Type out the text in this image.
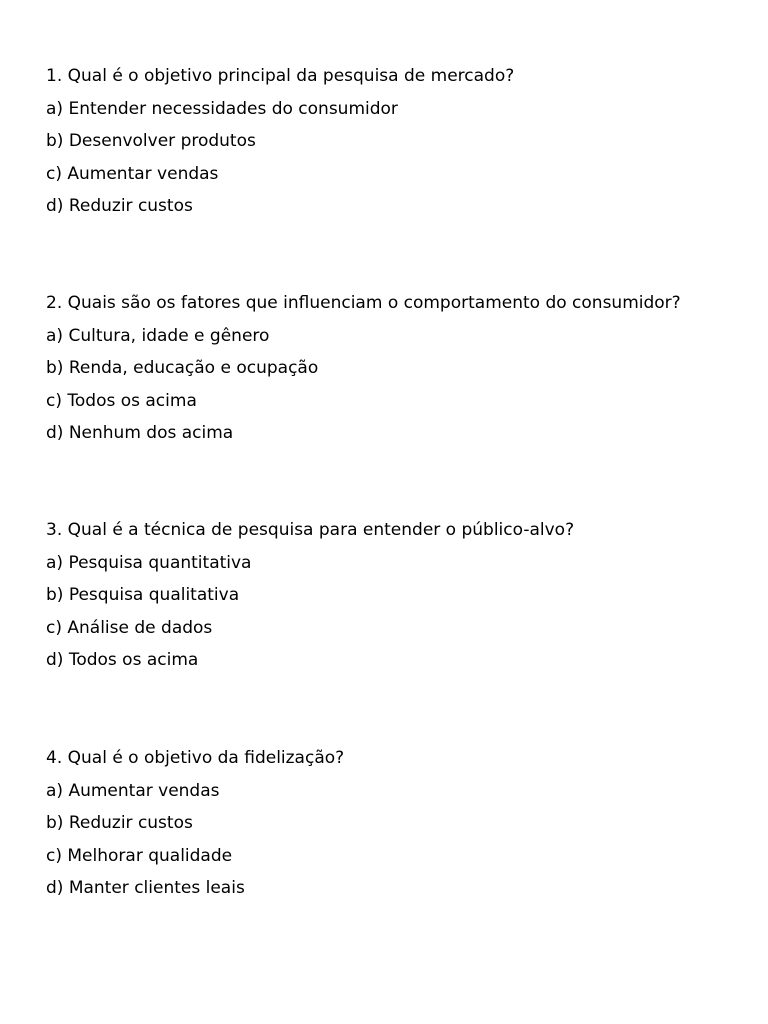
1. Qual é o objetivo principal da pesquisa de mercado?
a) Entender necessidades do consumidor
b) Desenvolver produtos
c) Aumentar vendas
d) Reduzir custos
2. Quais são os fatores que influenciam o comportamento do consumidor?
a) Cultura, idade e gênero
b) Renda, educação e ocupação
c) Todos os acima
d) Nenhum dos acima
3. Qual é a técnica de pesquisa para entender o público-alvo?
a) Pesquisa quantitativa
b) Pesquisa qualitativa
c) Análise de dados
d) Todos os acima
4. Qual é o objetivo da fidelização?
a) Aumentar vendas
b) Reduzir custos
c) Melhorar qualidade
d) Manter clientes leais
